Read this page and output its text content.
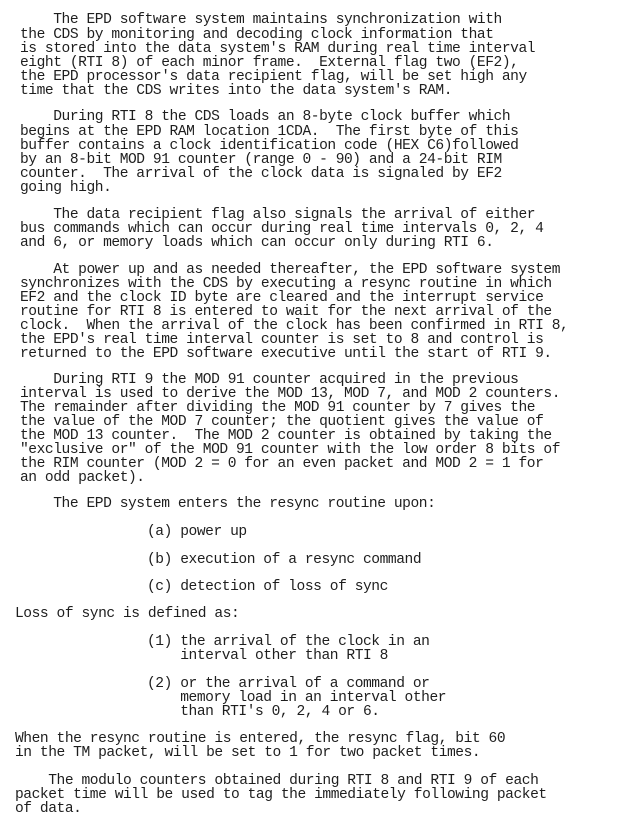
The EPD software system maintains synchronization with
the CDS by monitoring and decoding clock information that
is stored into the data system's RAM during real time interval
eight (RTI 8) of each minor frame.  External flag two (EF2),
the EPD processor's data recipient flag, will be set high any
time that the CDS writes into the data system's RAM.
During RTI 8 the CDS loads an 8-byte clock buffer which
begins at the EPD RAM location 1CDA.  The first byte of this
buffer contains a clock identification code (HEX C6)followed
by an 8-bit MOD 91 counter (range 0 - 90) and a 24-bit RIM
counter.  The arrival of the clock data is signaled by EF2
going high.
The data recipient flag also signals the arrival of either
bus commands which can occur during real time intervals 0, 2, 4
and 6, or memory loads which can occur only during RTI 6.
At power up and as needed thereafter, the EPD software system
synchronizes with the CDS by executing a resync routine in which
EF2 and the clock ID byte are cleared and the interrupt service
routine for RTI 8 is entered to wait for the next arrival of the
clock.  When the arrival of the clock has been confirmed in RTI 8,
the EPD's real time interval counter is set to 8 and control is
returned to the EPD software executive until the start of RTI 9.
During RTI 9 the MOD 91 counter acquired in the previous
interval is used to derive the MOD 13, MOD 7, and MOD 2 counters.
The remainder after dividing the MOD 91 counter by 7 gives the
the value of the MOD 7 counter; the quotient gives the value of
the MOD 13 counter.  The MOD 2 counter is obtained by taking the
"exclusive or" of the MOD 91 counter with the low order 8 bits of
the RIM counter (MOD 2 = 0 for an even packet and MOD 2 = 1 for
an odd packet).
The EPD system enters the resync routine upon:
(a) power up
(b) execution of a resync command
(c) detection of loss of sync
Loss of sync is defined as:
(1) the arrival of the clock in an
interval other than RTI 8
(2) or the arrival of a command or
memory load in an interval other
than RTI's 0, 2, 4 or 6.
When the resync routine is entered, the resync flag, bit 60
in the TM packet, will be set to 1 for two packet times.
The modulo counters obtained during RTI 8 and RTI 9 of each
packet time will be used to tag the immediately following packet
of data.
